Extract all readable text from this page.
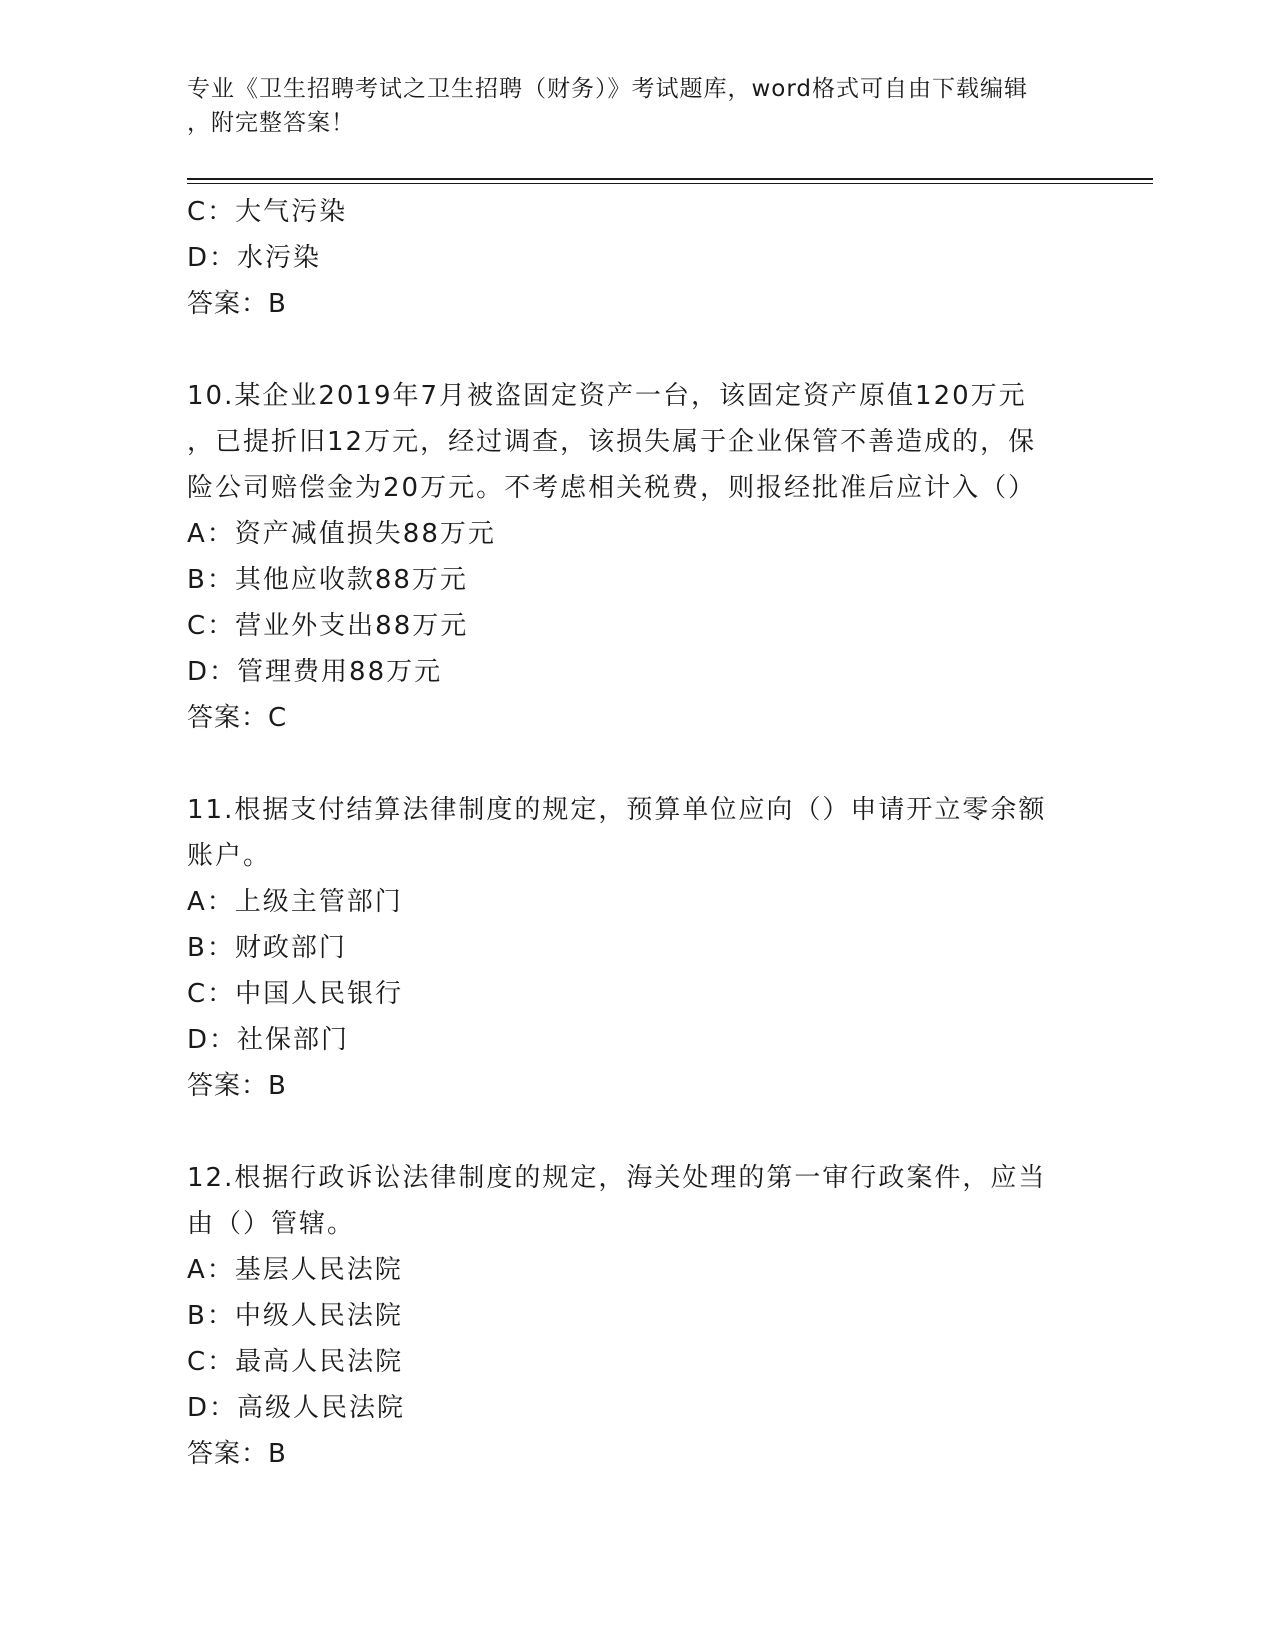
专业《卫生招聘考试之卫生招聘（财务）》考试题库，word格式可自由下载编辑
，附完整答案！
C：大气污染
D：水污染
答案：B
10.某企业2019年7月被盗固定资产一台，该固定资产原值120万元
，已提折旧12万元，经过调查，该损失属于企业保管不善造成的，保
险公司赔偿金为20万元。不考虑相关税费，则报经批准后应计入（）
A：资产减值损失88万元
B：其他应收款88万元
C：营业外支出88万元
D：管理费用88万元
答案：C
11.根据支付结算法律制度的规定，预算单位应向（）申请开立零余额
账户。
A：上级主管部门
B：财政部门
C：中国人民银行
D：社保部门
答案：B
12.根据行政诉讼法律制度的规定，海关处理的第一审行政案件，应当
由（）管辖。
A：基层人民法院
B：中级人民法院
C：最高人民法院
D：高级人民法院
答案：B
